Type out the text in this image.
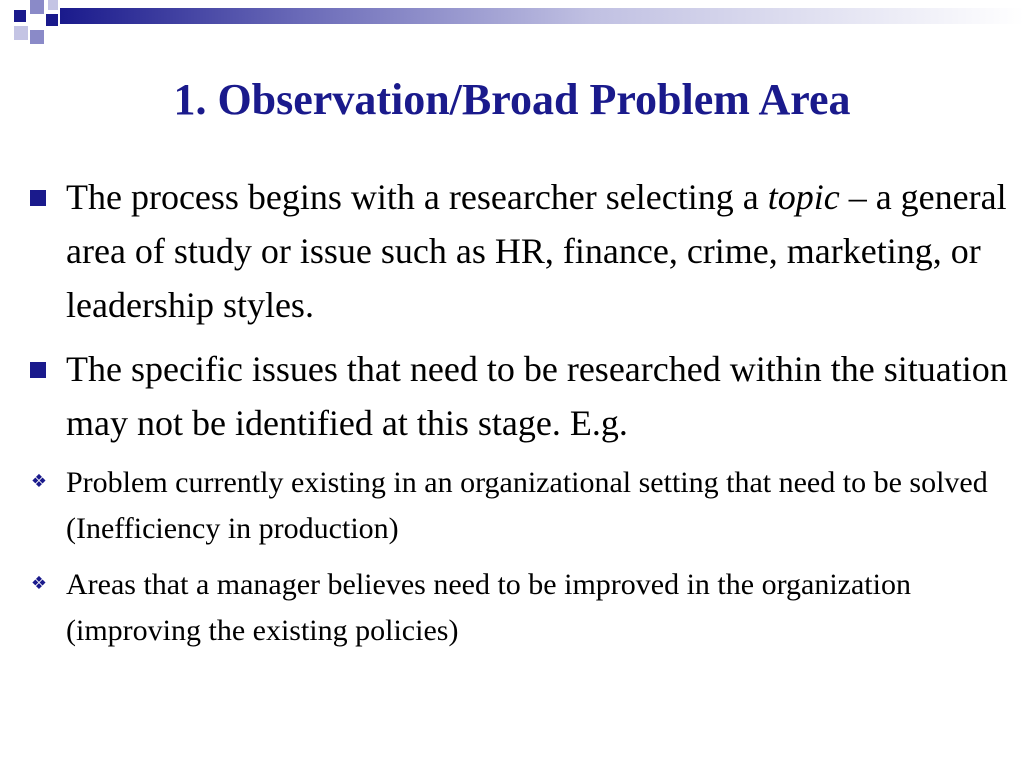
1. Observation/Broad Problem Area
The process begins with a researcher selecting a topic – a general area of study or issue such as HR, finance, crime, marketing, or leadership styles.
The specific issues that need to be researched within the situation may not be identified at this stage. E.g.
❖ Problem currently existing in an organizational setting that need to be solved (Inefficiency in production)
❖ Areas that a manager believes need to be improved in the organization (improving the existing policies)
